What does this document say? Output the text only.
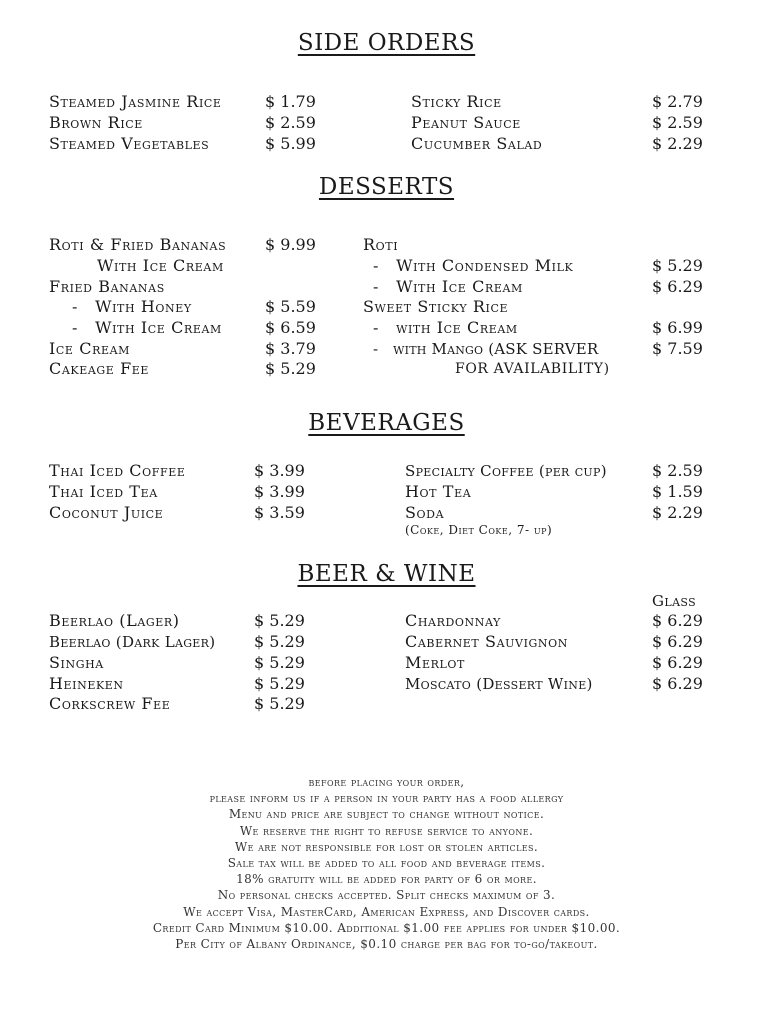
SIDE ORDERS
Steamed Jasmine Rice	$ 1.79
Brown Rice	$ 2.59
Steamed Vegetables	$ 5.99
Sticky Rice	$ 2.79
Peanut Sauce	$ 2.59
Cucumber Salad	$ 2.29
DESSERTS
Roti & Fried Bananas $ 9.99
With Ice Cream
Fried Bananas
-   With Honey	$ 5.59
-   With Ice Cream	$ 6.59
Ice Cream	$ 3.79
Cakeage Fee	$ 5.29
Roti
-   With Condensed Milk	$ 5.29
-   With Ice Cream	$ 6.29
Sweet Sticky Rice
-   with Ice Cream	$ 6.99
-   with Mango (ASK SERVER	$ 7.59
FOR AVAILABILITY)
BEVERAGES
Thai Iced Coffee	$ 3.99
Thai Iced Tea	$ 3.99
Coconut Juice	$ 3.59
Specialty Coffee (per cup)	$ 2.59
Hot Tea	$ 1.59
Soda	$ 2.29
(Coke, Diet Coke, 7- up)
BEER & WINE
Glass
Beerlao (Lager)	$ 5.29
Beerlao (Dark Lager) $ 5.29
Singha	$ 5.29
Heineken	$ 5.29
Corkscrew Fee	$ 5.29
Chardonnay	$ 6.29
Cabernet Sauvignon	$ 6.29
Merlot	$ 6.29
Moscato (Dessert Wine)	$ 6.29
before placing your order,
please inform us if a person in your party has a food allergy
Menu and price are subject to change without notice.
We reserve the right to refuse service to anyone.
We are not responsible for lost or stolen articles.
Sale tax will be added to all food and beverage items.
18% gratuity will be added for party of 6 or more.
No personal checks accepted. Split checks maximum of 3.
We accept Visa, MasterCard, American Express, and Discover cards.
Credit Card Minimum $10.00. Additional $1.00 fee applies for under $10.00.
Per City of Albany Ordinance, $0.10 charge per bag for to-go/takeout.
